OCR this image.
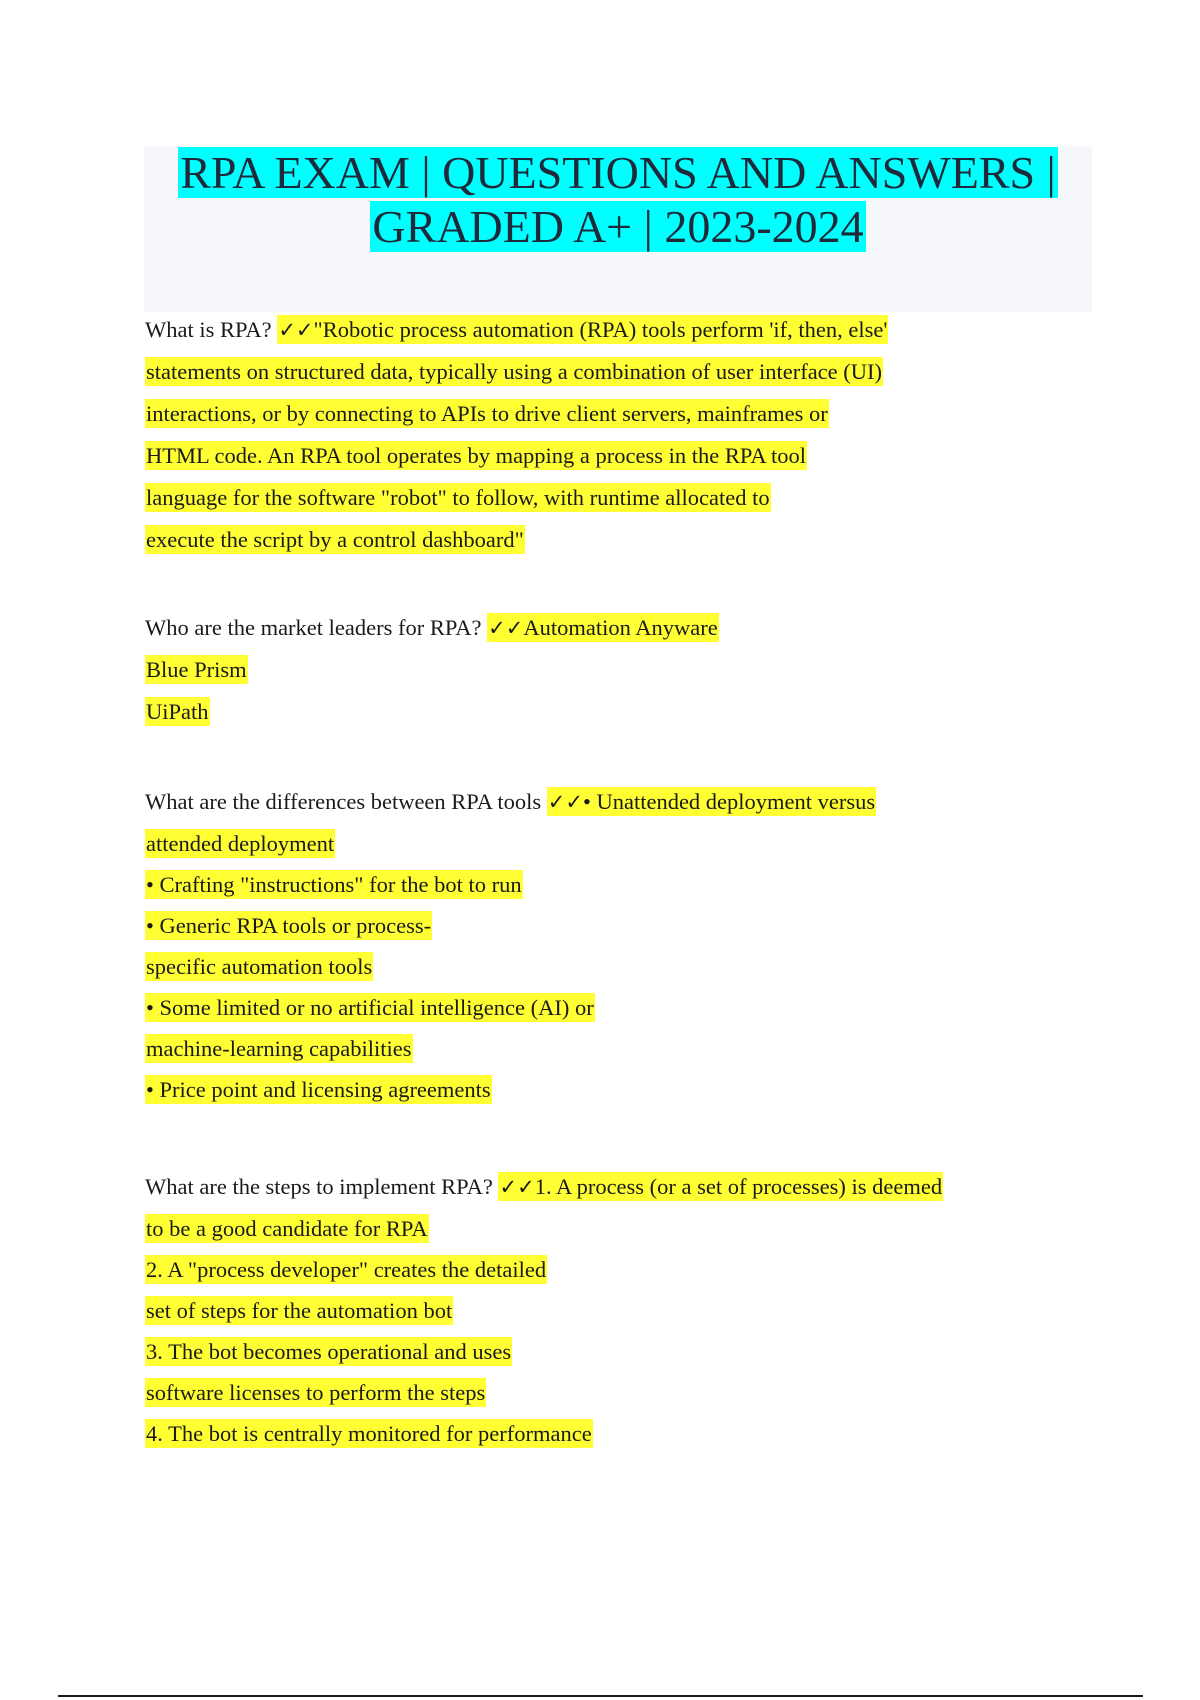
RPA EXAM | QUESTIONS AND ANSWERS |
GRADED A+ | 2023-2024
What is RPA? ✓✓"Robotic process automation (RPA) tools perform 'if, then, else'
statements on structured data, typically using a combination of user interface (UI)
interactions, or by connecting to APIs to drive client servers, mainframes or
HTML code. An RPA tool operates by mapping a process in the RPA tool
language for the software "robot" to follow, with runtime allocated to
execute the script by a control dashboard"
Who are the market leaders for RPA? ✓✓Automation Anyware
Blue Prism
UiPath
What are the differences between RPA tools ✓✓• Unattended deployment versus
attended deployment
• Crafting "instructions" for the bot to run
• Generic RPA tools or process-
specific automation tools
• Some limited or no artificial intelligence (AI) or
machine-learning capabilities
• Price point and licensing agreements
What are the steps to implement RPA? ✓✓1. A process (or a set of processes) is deemed
to be a good candidate for RPA
2. A "process developer" creates the detailed
set of steps for the automation bot
3. The bot becomes operational and uses
software licenses to perform the steps
4. The bot is centrally monitored for performance
